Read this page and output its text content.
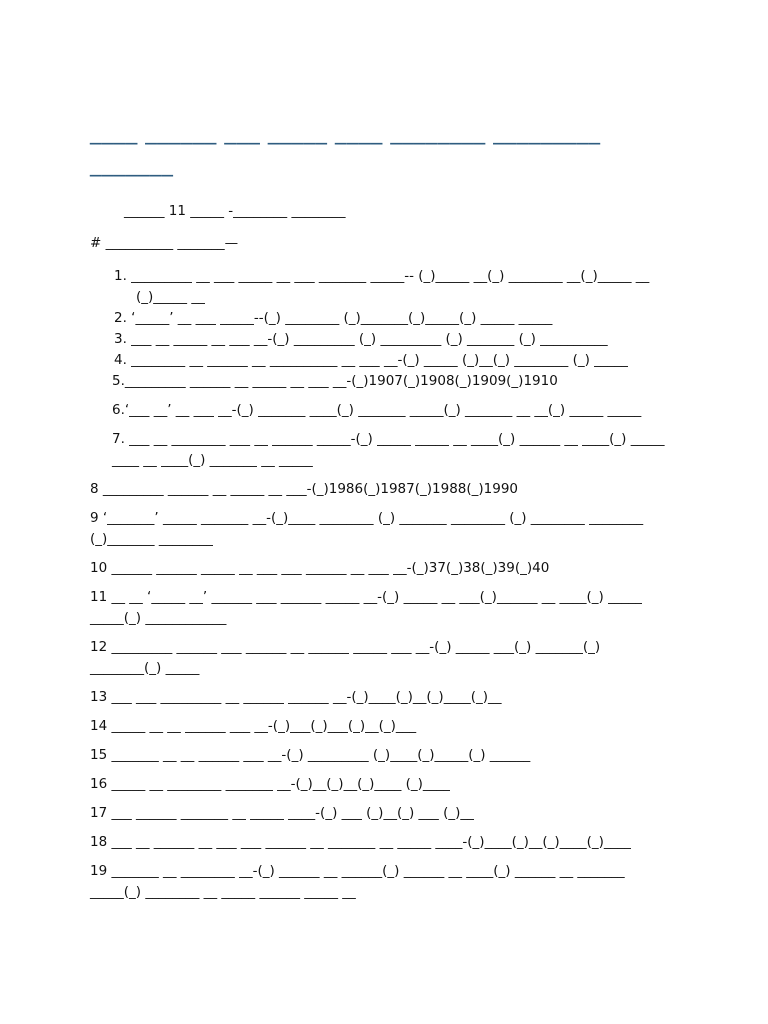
____ ______ ___ _____ ____ ________ _________ _______
______ 11 _____ -________ ________
# __________ _______—
1. _________ __ ___ _____ __ ___ _______ _____-- (_)_____ __(_) ________ __(_)_____ __ (_)_____ __
2. ‘_____’ __ ___ _____--(_) ________ (_)_______(_)_____(_) _____ _____
3. ___ __ _____ __ ___ __-(_) _________ (_) _________ (_) _______ (_) __________
4. ________ __ ______ __ __________ __ ___ __-(_) _____ (_)__(_) ________ (_) _____
5._________ ______ __ _____ __ ___ __-(_)1907(_)1908(_)1909(_)1910
6.‘___ __’ __ ___ __-(_) _______ ____(_) _______ _____(_) _______ __ __(_) _____ _____
7. ___ __ ________ ___ __ ______ _____-(_) _____ _____ __ ____(_) ______ __ ____(_) _____ ____ __ ____(_) _______ __ _____
8 _________ ______ __ _____ __ ___-(_)1986(_)1987(_)1988(_)1990
9 ‘_______’ _____ _______ __-(_)____ ________ (_) _______ ________ (_) ________ ________ (_)_______ ________
10 ______ ______ _____ __ ___ ___ ______ __ ___ __-(_)37(_)38(_)39(_)40
11 __ __ ‘_____ __’ ______ ___ ______ _____ __-(_) _____ __ ___(_)______ __ ____(_) _____ _____(_) ____________
12 _________ ______ ___ ______ __ ______ _____ ___ __-(_) _____ ___(_) _______(_) ________(_) _____
13 ___ ___ _________ __ ______ ______ __-(_)____(_)__(_)____(_)__
14 _____ __ __ ______ ___ __-(_)___(_)___(_)__(_)___
15 _______ __ __ ______ ___ __-(_) _________ (_)____(_)_____(_) ______
16 _____ __ ________ _______ __-(_)__(_)__(_)____ (_)____
17 ___ ______ _______ __ _____ ____-(_) ___ (_)__(_) ___ (_)__
18 ___ __ ______ __ ___ ___ ______ __ _______ __ _____ ____-(_)____(_)__(_)____(_)____
19 _______ __ ________ __-(_) ______ __ ______(_) ______ __ ____(_) ______ __ _______ _____(_) ________ __ _____ ______ _____ __
